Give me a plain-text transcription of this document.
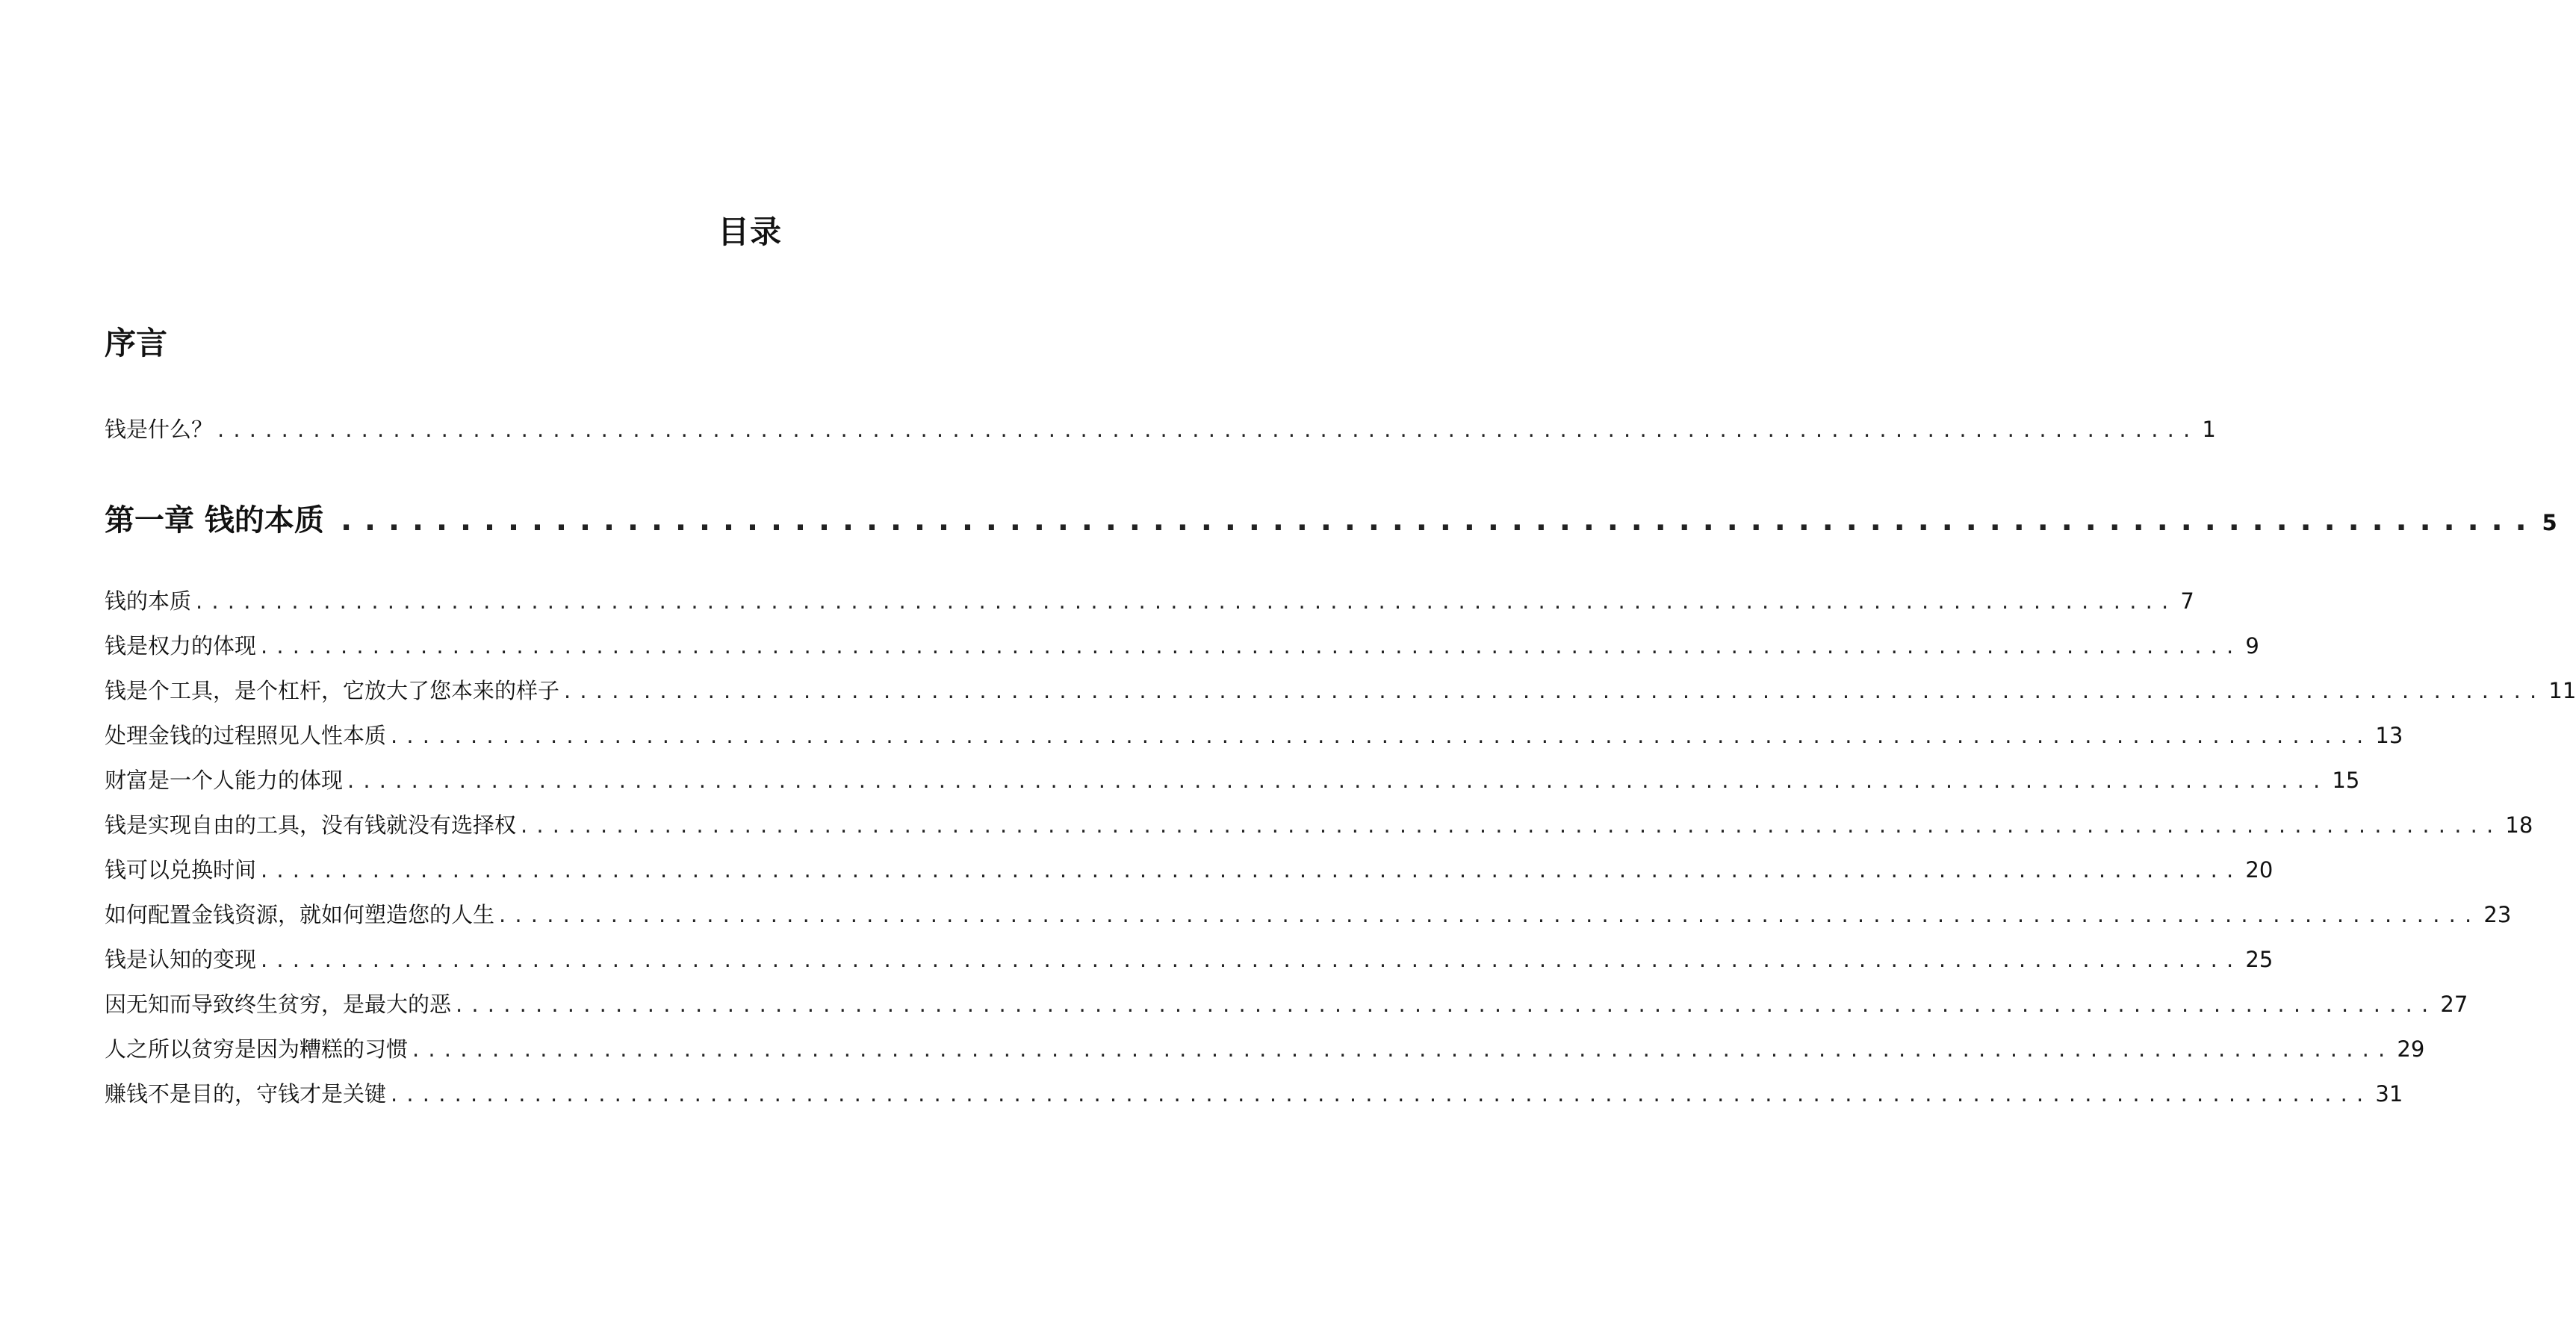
目录
序言
钱是什么？ ............................................................................................................................ 1
第一章 钱的本质 ............................................................................................ 5
钱的本质 ............................................................................................................................ 7
钱是权力的体现 ............................................................................................................................ 9
钱是个工具，是个杠杆，它放大了您本来的样子 ............................................................................................................................ 11
处理金钱的过程照见人性本质 ............................................................................................................................ 13
财富是一个人能力的体现 ............................................................................................................................ 15
钱是实现自由的工具，没有钱就没有选择权 ............................................................................................................................ 18
钱可以兑换时间 ............................................................................................................................ 20
如何配置金钱资源，就如何塑造您的人生 ............................................................................................................................ 23
钱是认知的变现 ............................................................................................................................ 25
因无知而导致终生贫穷，是最大的恶 ............................................................................................................................ 27
人之所以贫穷是因为糟糕的习惯 ............................................................................................................................ 29
赚钱不是目的，守钱才是关键 ............................................................................................................................ 31
